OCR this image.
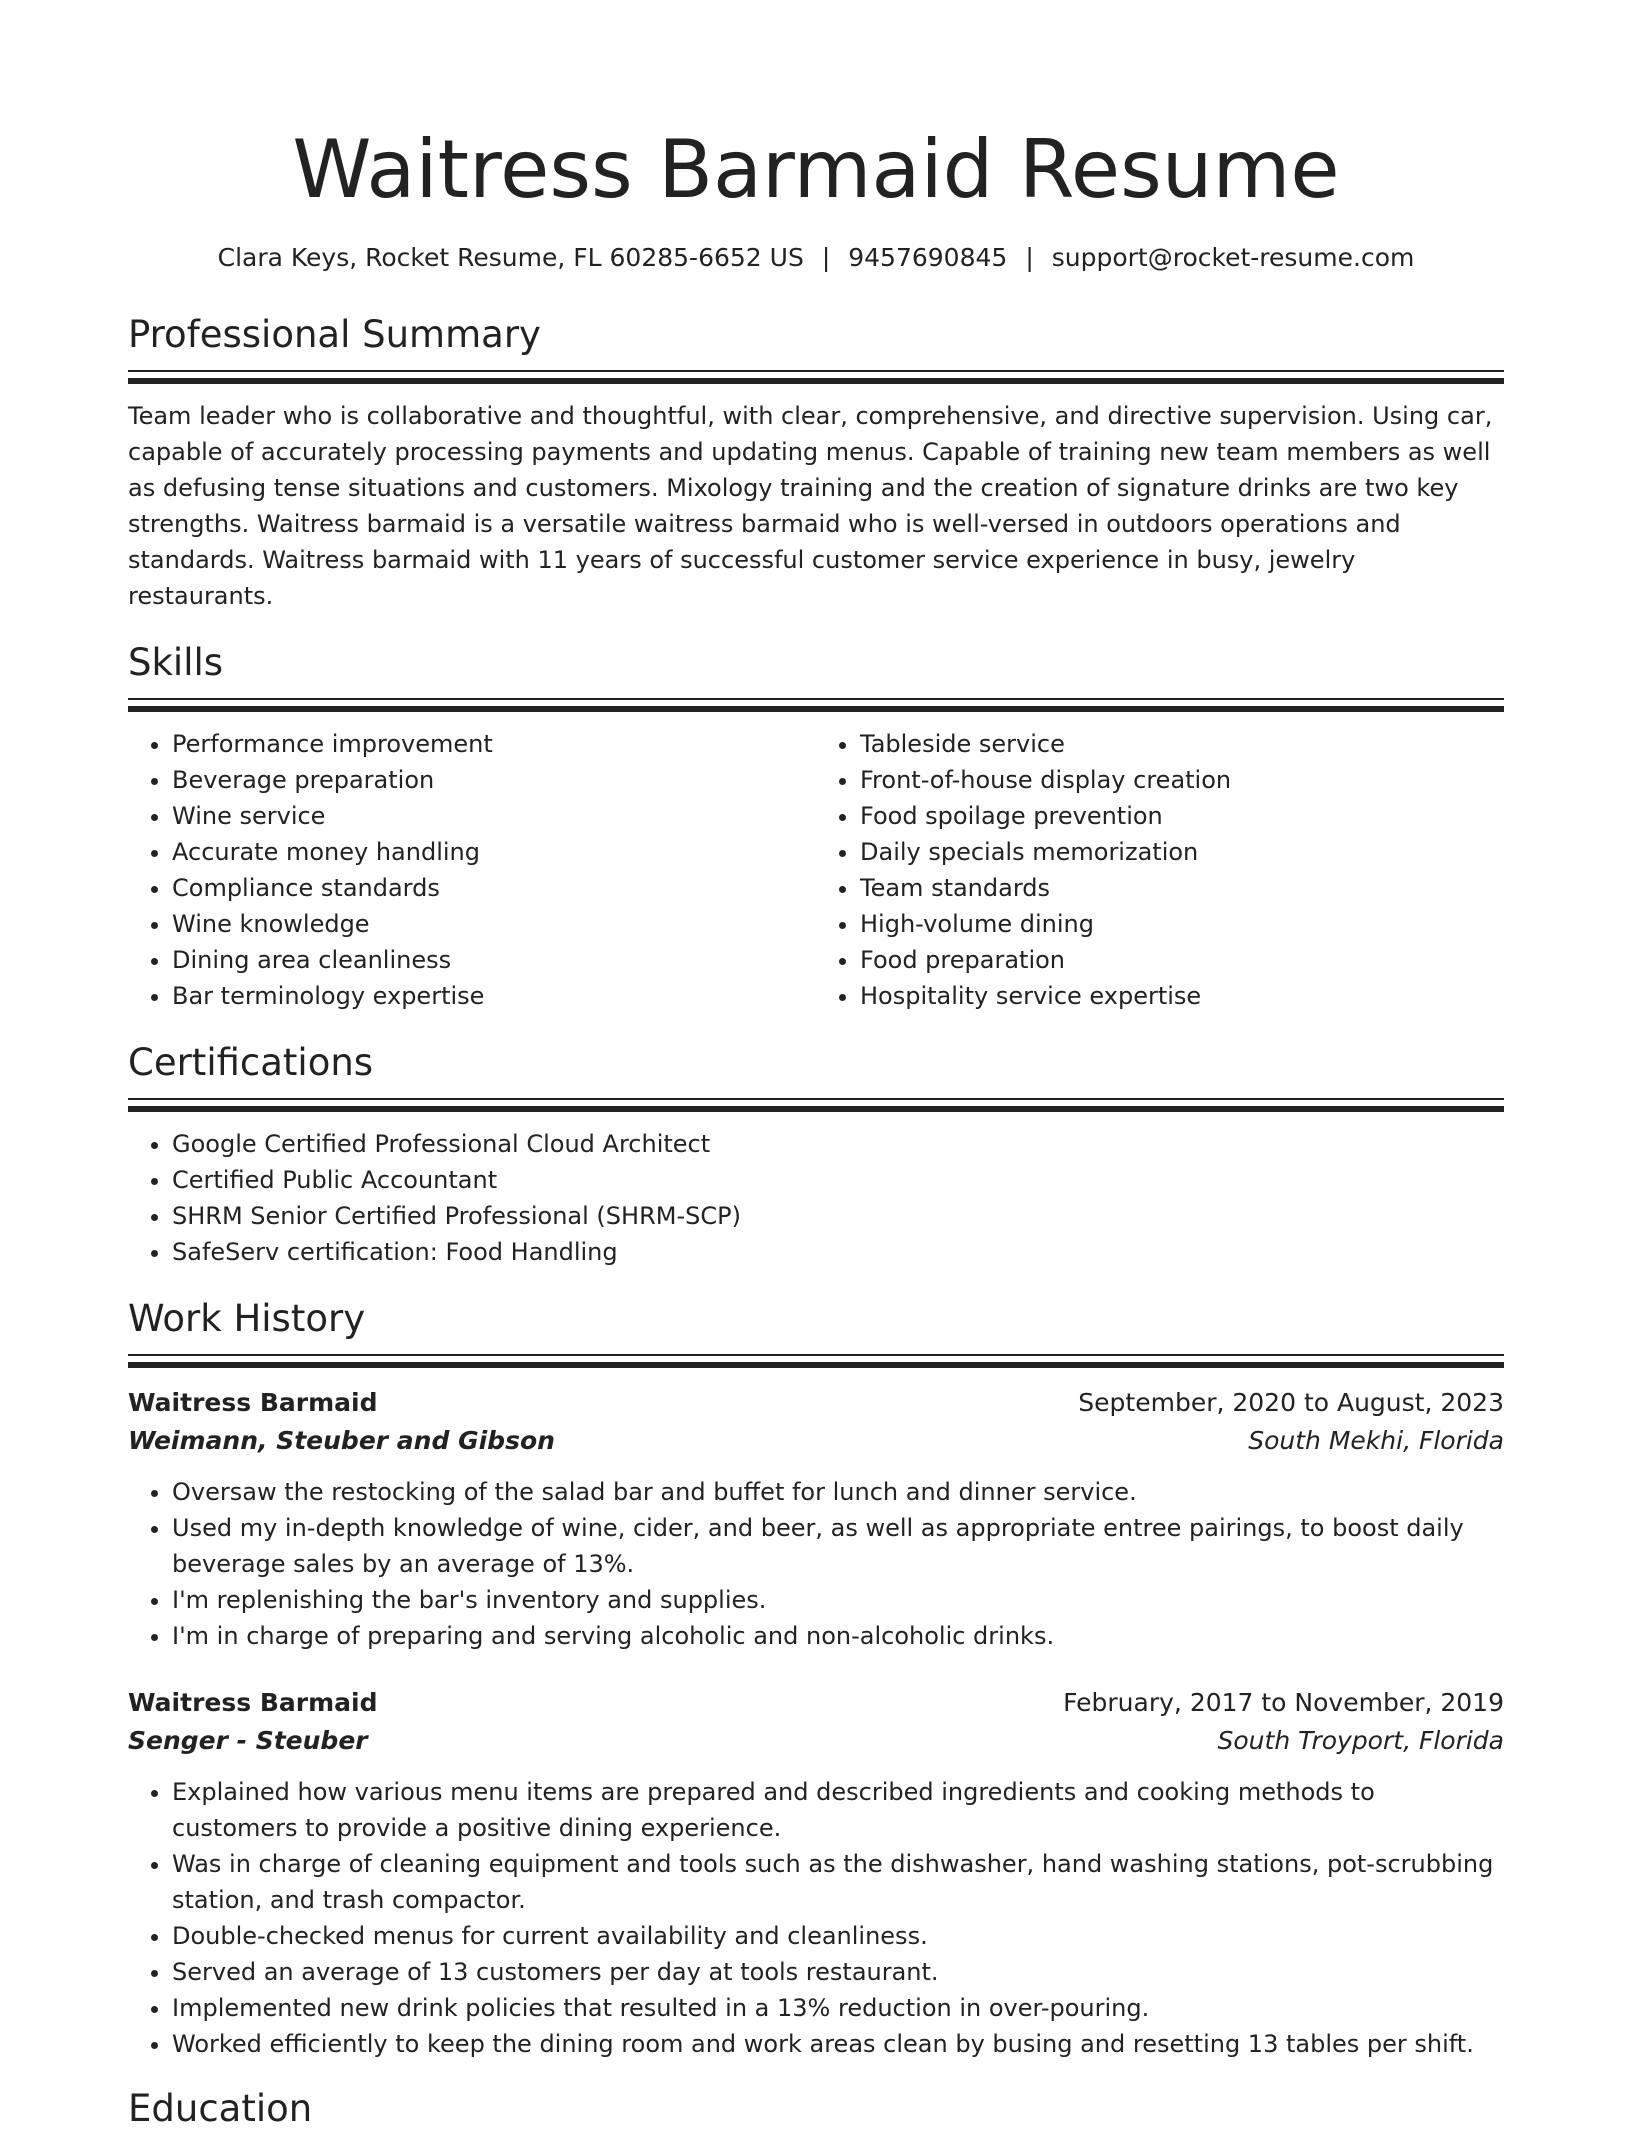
Waitress Barmaid Resume
Clara Keys, Rocket Resume, FL 60285-6652 US | 9457690845 | support@rocket-resume.com
Professional Summary

Team leader who is collaborative and thoughtful, with clear, comprehensive, and directive supervision. Using car, capable of accurately processing payments and updating menus. Capable of training new team members as well as defusing tense situations and customers. Mixology training and the creation of signature drinks are two key strengths. Waitress barmaid is a versatile waitress barmaid who is well-versed in outdoors operations and standards. Waitress barmaid with 11 years of successful customer service experience in busy, jewelry restaurants.

Skills
• Performance improvement
• Beverage preparation
• Wine service
• Accurate money handling
• Compliance standards
• Wine knowledge
• Dining area cleanliness
• Bar terminology expertise
• Tableside service
• Front-of-house display creation
• Food spoilage prevention
• Daily specials memorization
• Team standards
• High-volume dining
• Food preparation
• Hospitality service expertise
Certifications
• Google Certified Professional Cloud Architect
• Certified Public Accountant
• SHRM Senior Certified Professional (SHRM-SCP)
• SafeServ certification: Food Handling
Work History
Waitress Barmaid	September, 2020 to August, 2023
Weimann, Steuber and Gibson	South Mekhi, Florida
• Oversaw the restocking of the salad bar and buffet for lunch and dinner service.
• Used my in-depth knowledge of wine, cider, and beer, as well as appropriate entree pairings, to boost daily beverage sales by an average of 13%.
• I'm replenishing the bar's inventory and supplies.
• I'm in charge of preparing and serving alcoholic and non-alcoholic drinks.
Waitress Barmaid	February, 2017 to November, 2019
Senger - Steuber	South Troyport, Florida
• Explained how various menu items are prepared and described ingredients and cooking methods to customers to provide a positive dining experience.
• Was in charge of cleaning equipment and tools such as the dishwasher, hand washing stations, pot-scrubbing station, and trash compactor.
• Double-checked menus for current availability and cleanliness.
• Served an average of 13 customers per day at tools restaurant.
• Implemented new drink policies that resulted in a 13% reduction in over-pouring.
• Worked efficiently to keep the dining room and work areas clean by busing and resetting 13 tables per shift.
Education
